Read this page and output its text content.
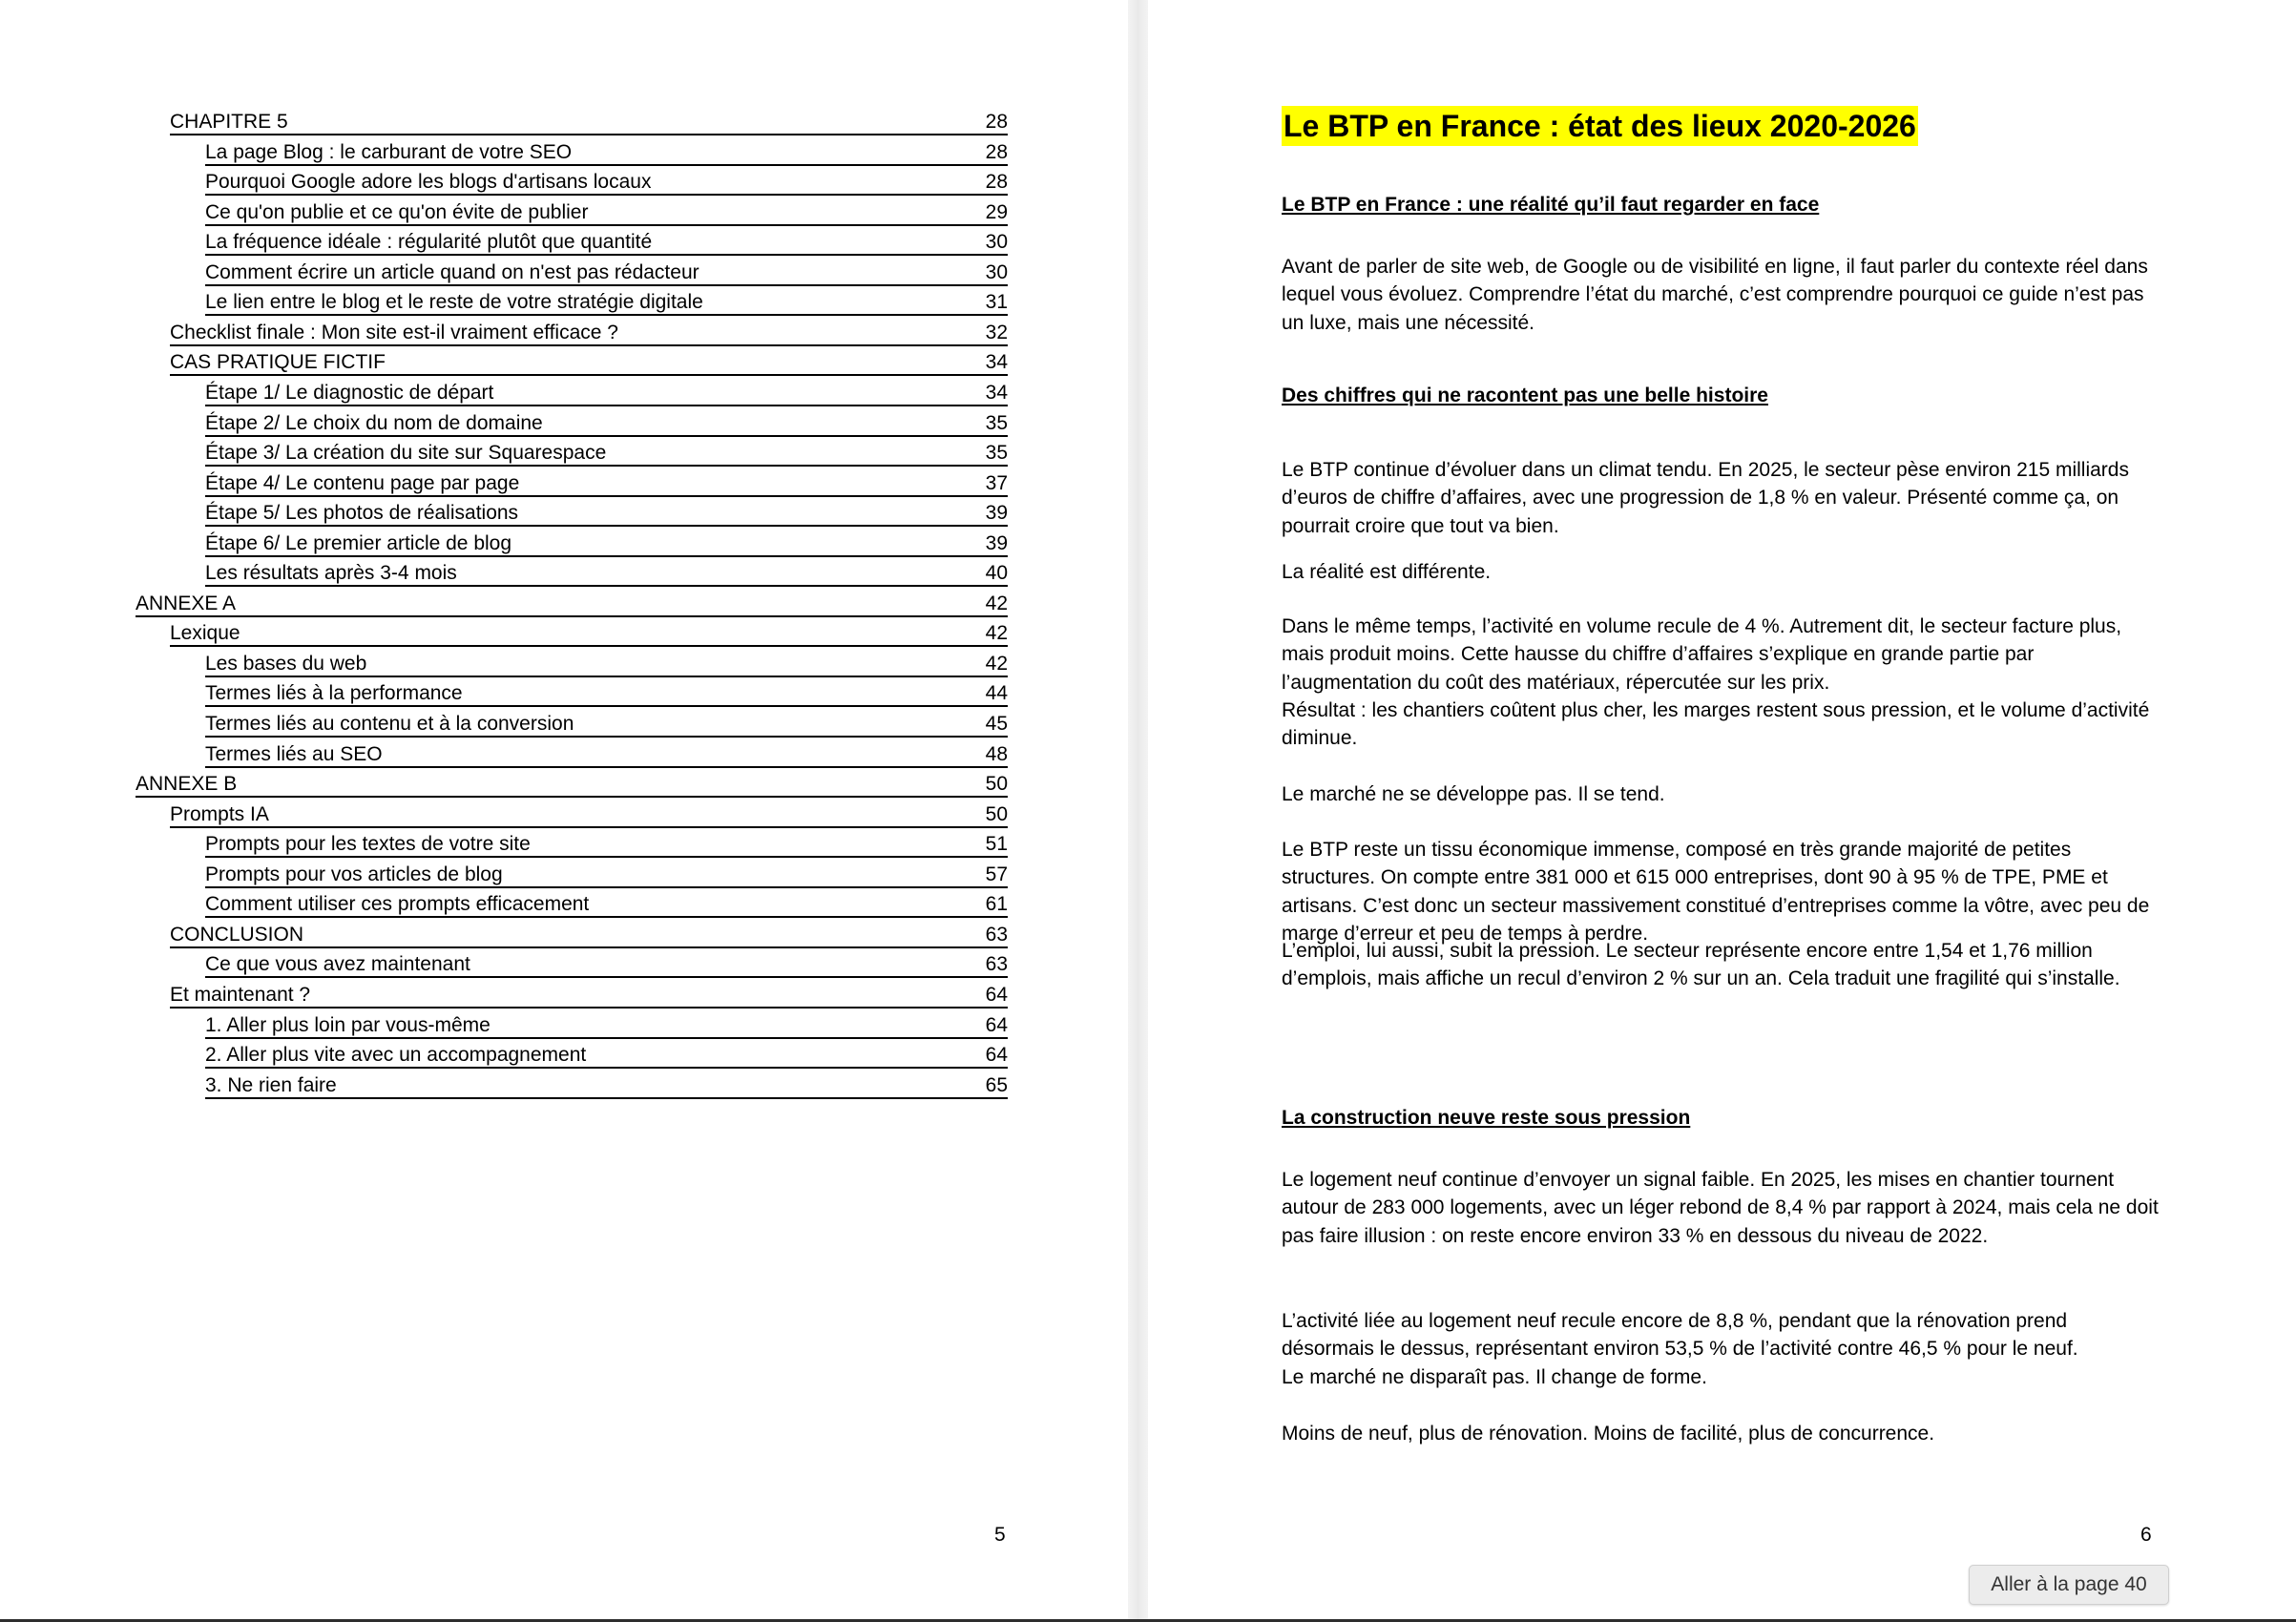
CHAPITRE 5	28
La page Blog : le carburant de votre SEO	28
Pourquoi Google adore les blogs d'artisans locaux	28
Ce qu'on publie et ce qu'on évite de publier	29
La fréquence idéale : régularité plutôt que quantité	30
Comment écrire un article quand on n'est pas rédacteur	30
Le lien entre le blog et le reste de votre stratégie digitale	31
Checklist finale : Mon site est-il vraiment efficace ?	32
CAS PRATIQUE FICTIF	34
Étape 1/ Le diagnostic de départ	34
Étape 2/ Le choix du nom de domaine	35
Étape 3/ La création du site sur Squarespace	35
Étape 4/ Le contenu page par page	37
Étape 5/ Les photos de réalisations	39
Étape 6/ Le premier article de blog	39
Les résultats après 3-4 mois	40
ANNEXE A	42
Lexique	42
Les bases du web	42
Termes liés à la performance	44
Termes liés au contenu et à la conversion	45
Termes liés au SEO	48
ANNEXE B	50
Prompts IA	50
Prompts pour les textes de votre site	51
Prompts pour vos articles de blog	57
Comment utiliser ces prompts efficacement	61
CONCLUSION	63
Ce que vous avez maintenant	63
Et maintenant ?	64
1. Aller plus loin par vous-même	64
2. Aller plus vite avec un accompagnement	64
3. Ne rien faire	65
5
Le BTP en France : état des lieux 2020-2026
Le BTP en France : une réalité qu’il faut regarder en face
Avant de parler de site web, de Google ou de visibilité en ligne, il faut parler du contexte réel dans lequel vous évoluez. Comprendre l’état du marché, c’est comprendre pourquoi ce guide n’est pas un luxe, mais une nécessité.
Des chiffres qui ne racontent pas une belle histoire
Le BTP continue d’évoluer dans un climat tendu. En 2025, le secteur pèse environ 215 milliards d’euros de chiffre d’affaires, avec une progression de 1,8 % en valeur. Présenté comme ça, on pourrait croire que tout va bien.
La réalité est différente.
Dans le même temps, l’activité en volume recule de 4 %. Autrement dit, le secteur facture plus, mais produit moins. Cette hausse du chiffre d’affaires s’explique en grande partie par l’augmentation du coût des matériaux, répercutée sur les prix.
Résultat : les chantiers coûtent plus cher, les marges restent sous pression, et le volume d’activité diminue.
Le marché ne se développe pas. Il se tend.
Le BTP reste un tissu économique immense, composé en très grande majorité de petites structures. On compte entre 381 000 et 615 000 entreprises, dont 90 à 95 % de TPE, PME et artisans. C’est donc un secteur massivement constitué d’entreprises comme la vôtre, avec peu de marge d’erreur et peu de temps à perdre.
L’emploi, lui aussi, subit la pression. Le secteur représente encore entre 1,54 et 1,76 million d’emplois, mais affiche un recul d’environ 2 % sur un an. Cela traduit une fragilité qui s’installe.
La construction neuve reste sous pression
Le logement neuf continue d’envoyer un signal faible. En 2025, les mises en chantier tournent autour de 283 000 logements, avec un léger rebond de 8,4 % par rapport à 2024, mais cela ne doit pas faire illusion : on reste encore environ 33 % en dessous du niveau de 2022.
L’activité liée au logement neuf recule encore de 8,8 %, pendant que la rénovation prend désormais le dessus, représentant environ 53,5 % de l’activité contre 46,5 % pour le neuf.
Le marché ne disparaît pas. Il change de forme.
Moins de neuf, plus de rénovation. Moins de facilité, plus de concurrence.
6
Aller à la page 40
